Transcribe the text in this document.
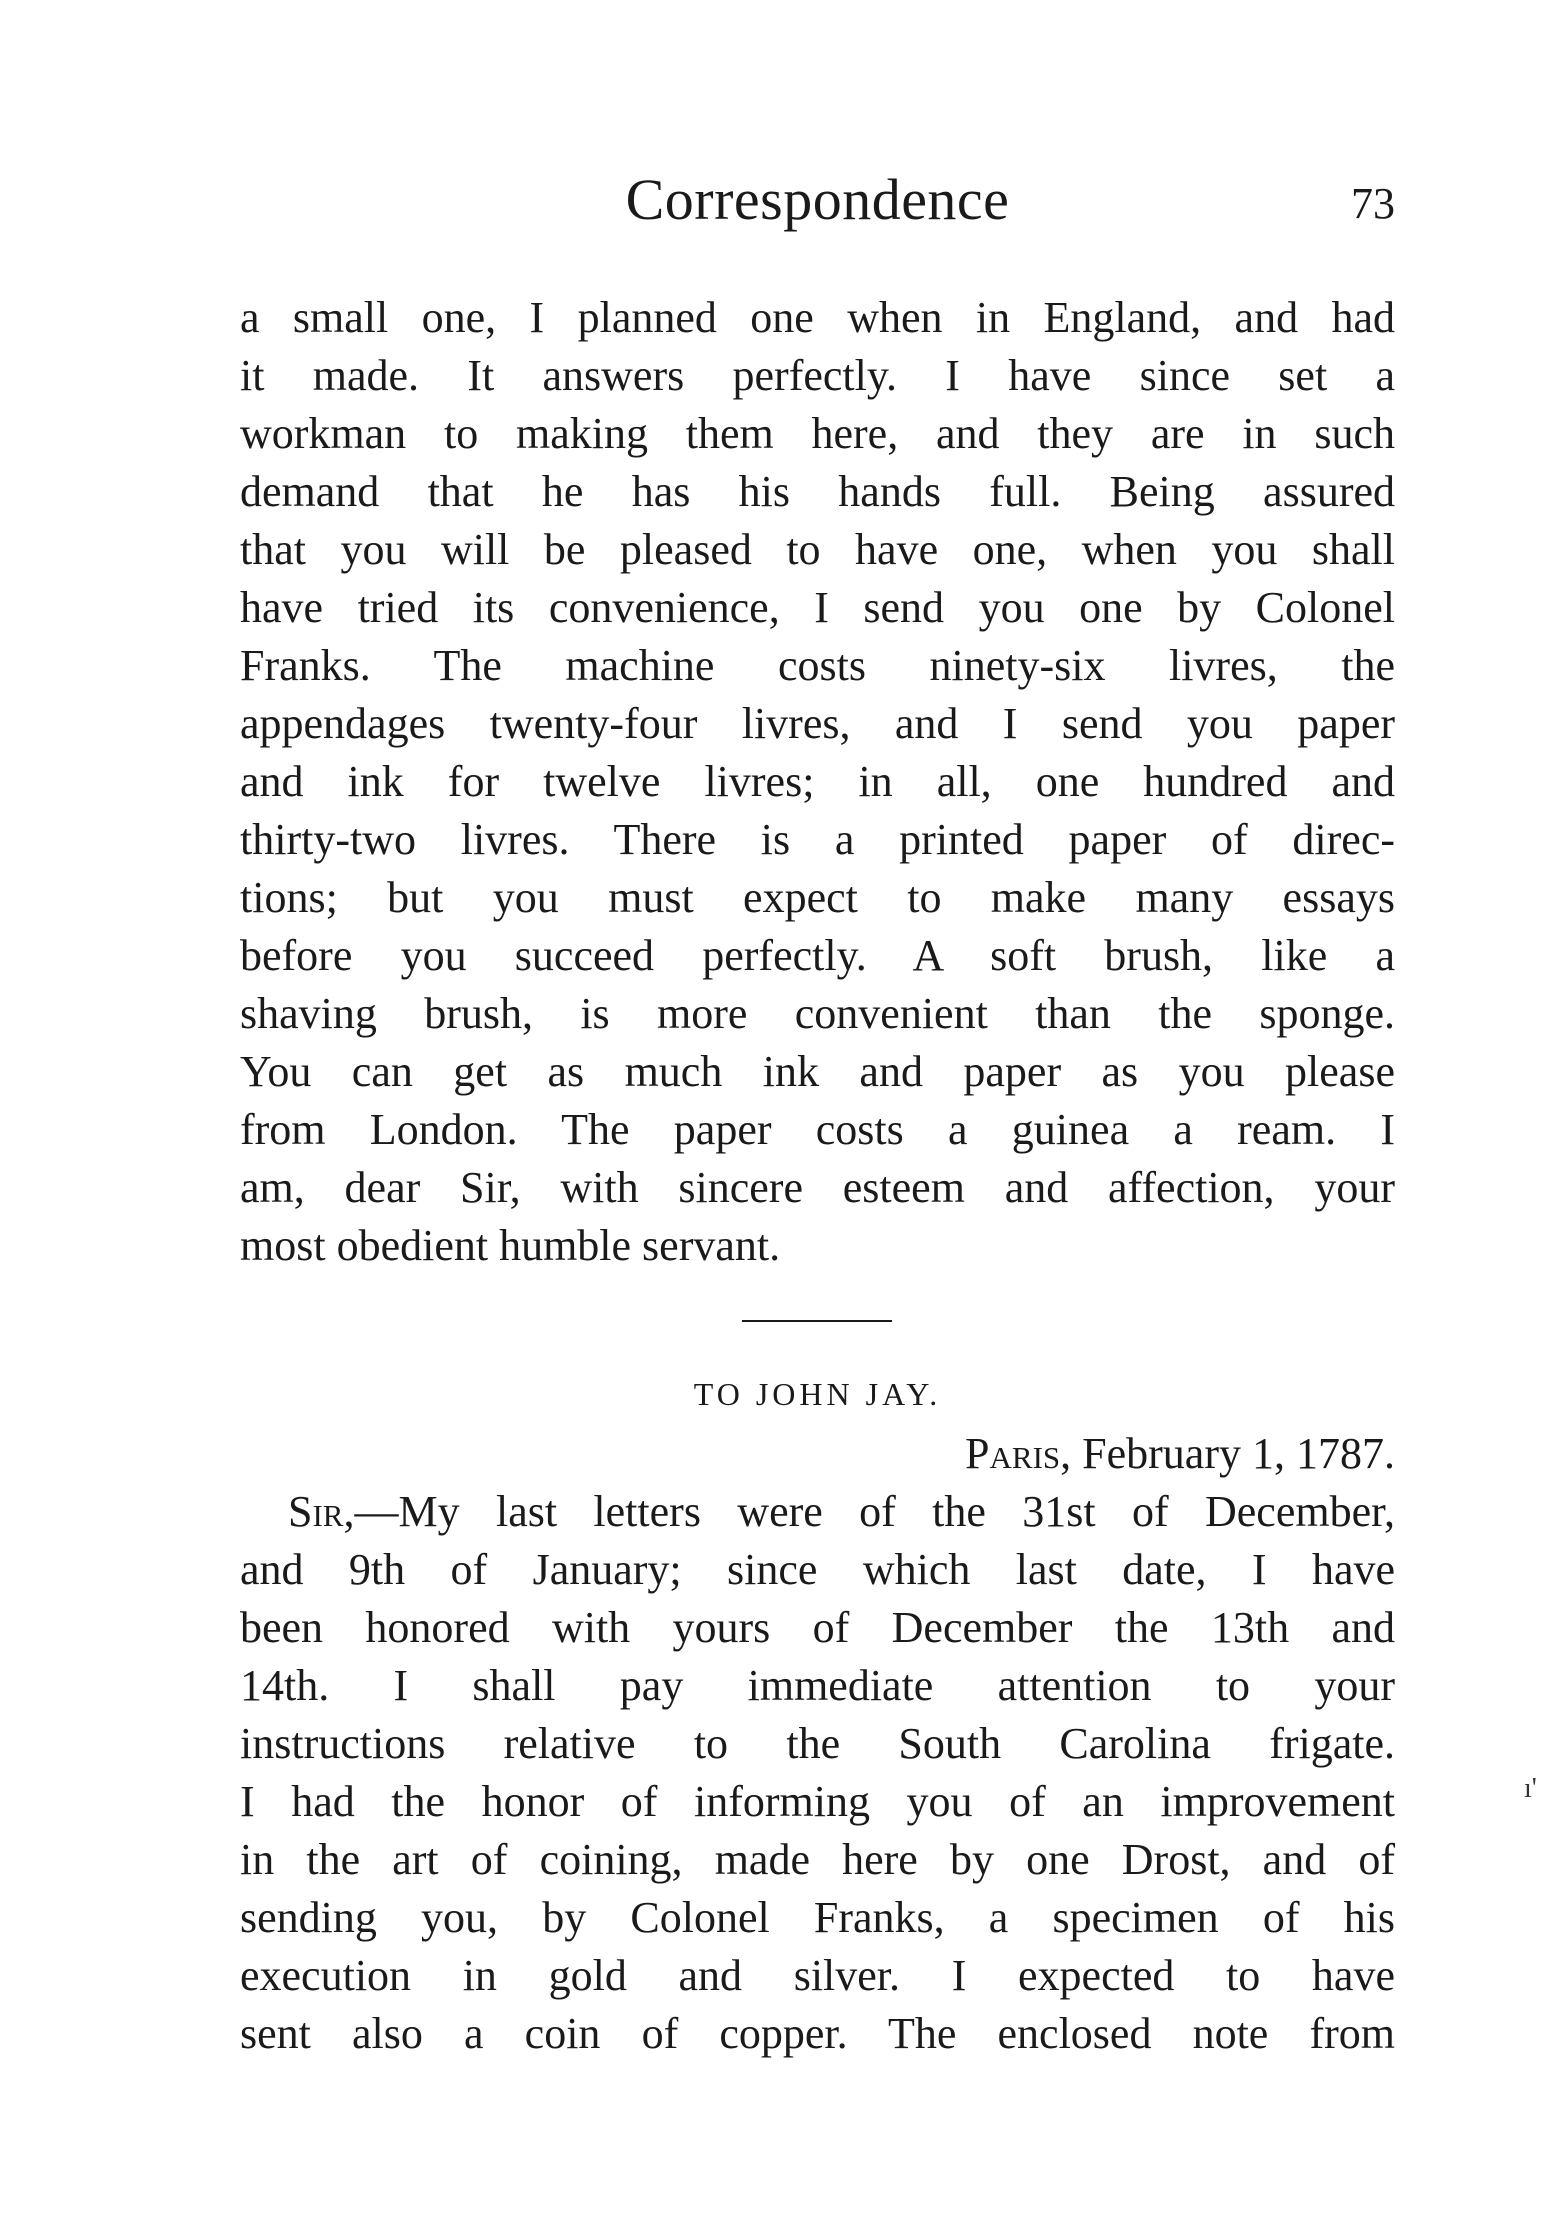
Correspondence	73
a small one, I planned one when in England, and had
it made. It answers perfectly. I have since set a
workman to making them here, and they are in such
demand that he has his hands full. Being assured
that you will be pleased to have one, when you shall
have tried its convenience, I send you one by Colonel
Franks. The machine costs ninety-six livres, the
appendages twenty-four livres, and I send you paper
and ink for twelve livres; in all, one hundred and
thirty-two livres. There is a printed paper of direc-
tions; but you must expect to make many essays
before you succeed perfectly. A soft brush, like a
shaving brush, is more convenient than the sponge.
You can get as much ink and paper as you please
from London. The paper costs a guinea a ream. I
am, dear Sir, with sincere esteem and affection, your
most obedient humble servant.
TO JOHN JAY.
Paris, February 1, 1787.
Sir,—My last letters were of the 31st of December,
and 9th of January; since which last date, I have
been honored with yours of December the 13th and
14th. I shall pay immediate attention to your
instructions relative to the South Carolina frigate.
I had the honor of informing you of an improvement
in the art of coining, made here by one Drost, and of
sending you, by Colonel Franks, a specimen of his
execution in gold and silver. I expected to have
sent also a coin of copper. The enclosed note from
ı'
